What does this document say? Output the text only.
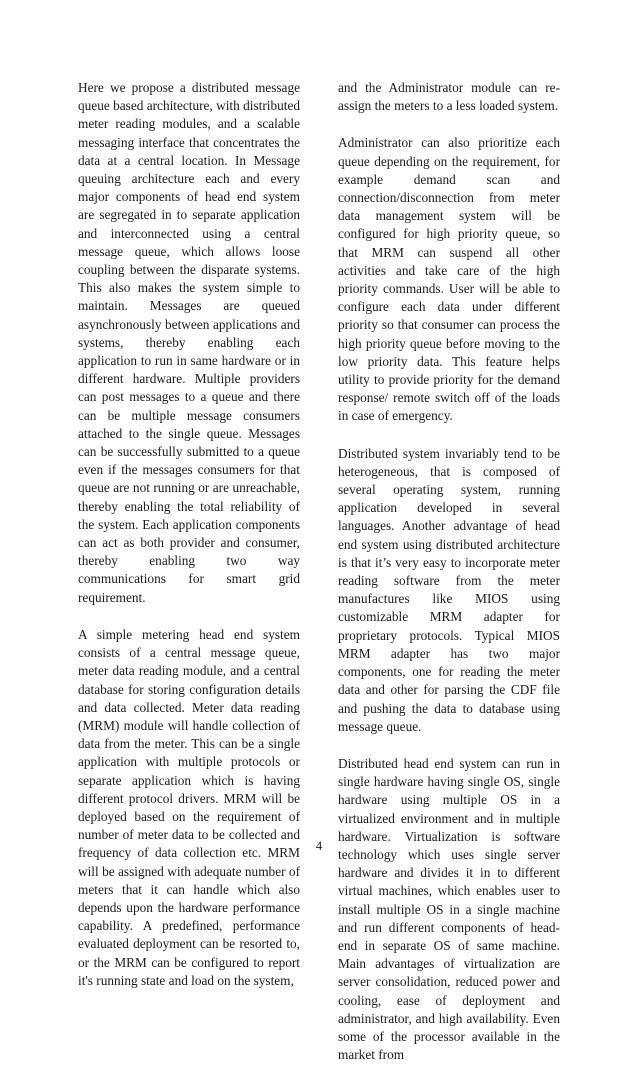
Here we propose a distributed message queue based architecture, with distributed meter reading modules, and a scalable messaging interface that concentrates the data at a central location. In Message queuing architecture each and every major components of head end system are segregated in to separate application and interconnected using a central message queue, which allows loose coupling between the disparate systems. This also makes the system simple to maintain. Messages are queued asynchronously between applications and systems, thereby enabling each application to run in same hardware or in different hardware. Multiple providers can post messages to a queue and there can be multiple message consumers attached to the single queue. Messages can be successfully submitted to a queue even if the messages consumers for that queue are not running or are unreachable, thereby enabling the total reliability of the system. Each application components can act as both provider and consumer, thereby enabling two way communications for smart grid requirement.

A simple metering head end system consists of a central message queue, meter data reading module, and a central database for storing configuration details and data collected. Meter data reading (MRM) module will handle collection of data from the meter. This can be a single application with multiple protocols or separate application which is having different protocol drivers. MRM will be deployed based on the requirement of number of meter data to be collected and frequency of data collection etc. MRM will be assigned with adequate number of meters that it can handle which also depends upon the hardware performance capability. A predefined, performance evaluated deployment can be resorted to, or the MRM can be configured to report it's running state and load on the system,

and the Administrator module can re-assign the meters to a less loaded system.

Administrator can also prioritize each queue depending on the requirement, for example demand scan and connection/disconnection from meter data management system will be configured for high priority queue, so that MRM can suspend all other activities and take care of the high priority commands. User will be able to configure each data under different priority so that consumer can process the high priority queue before moving to the low priority data. This feature helps utility to provide priority for the demand response/ remote switch off of the loads in case of emergency.

Distributed system invariably tend to be heterogeneous, that is composed of several operating system, running application developed in several languages. Another advantage of head end system using distributed architecture is that it’s very easy to incorporate meter reading software from the meter manufactures like MIOS using customizable MRM adapter for proprietary protocols. Typical MIOS MRM adapter has two major components, one for reading the meter data and other for parsing the CDF file and pushing the data to database using message queue.

Distributed head end system can run in single hardware having single OS, single hardware using multiple OS in a virtualized environment and in multiple hardware. Virtualization is software technology which uses single server hardware and divides it in to different virtual machines, which enables user to install multiple OS in a single machine and run different components of head-end in separate OS of same machine. Main advantages of virtualization are server consolidation, reduced power and cooling, ease of deployment and administrator, and high availability. Even some of the processor available in the market from

4
